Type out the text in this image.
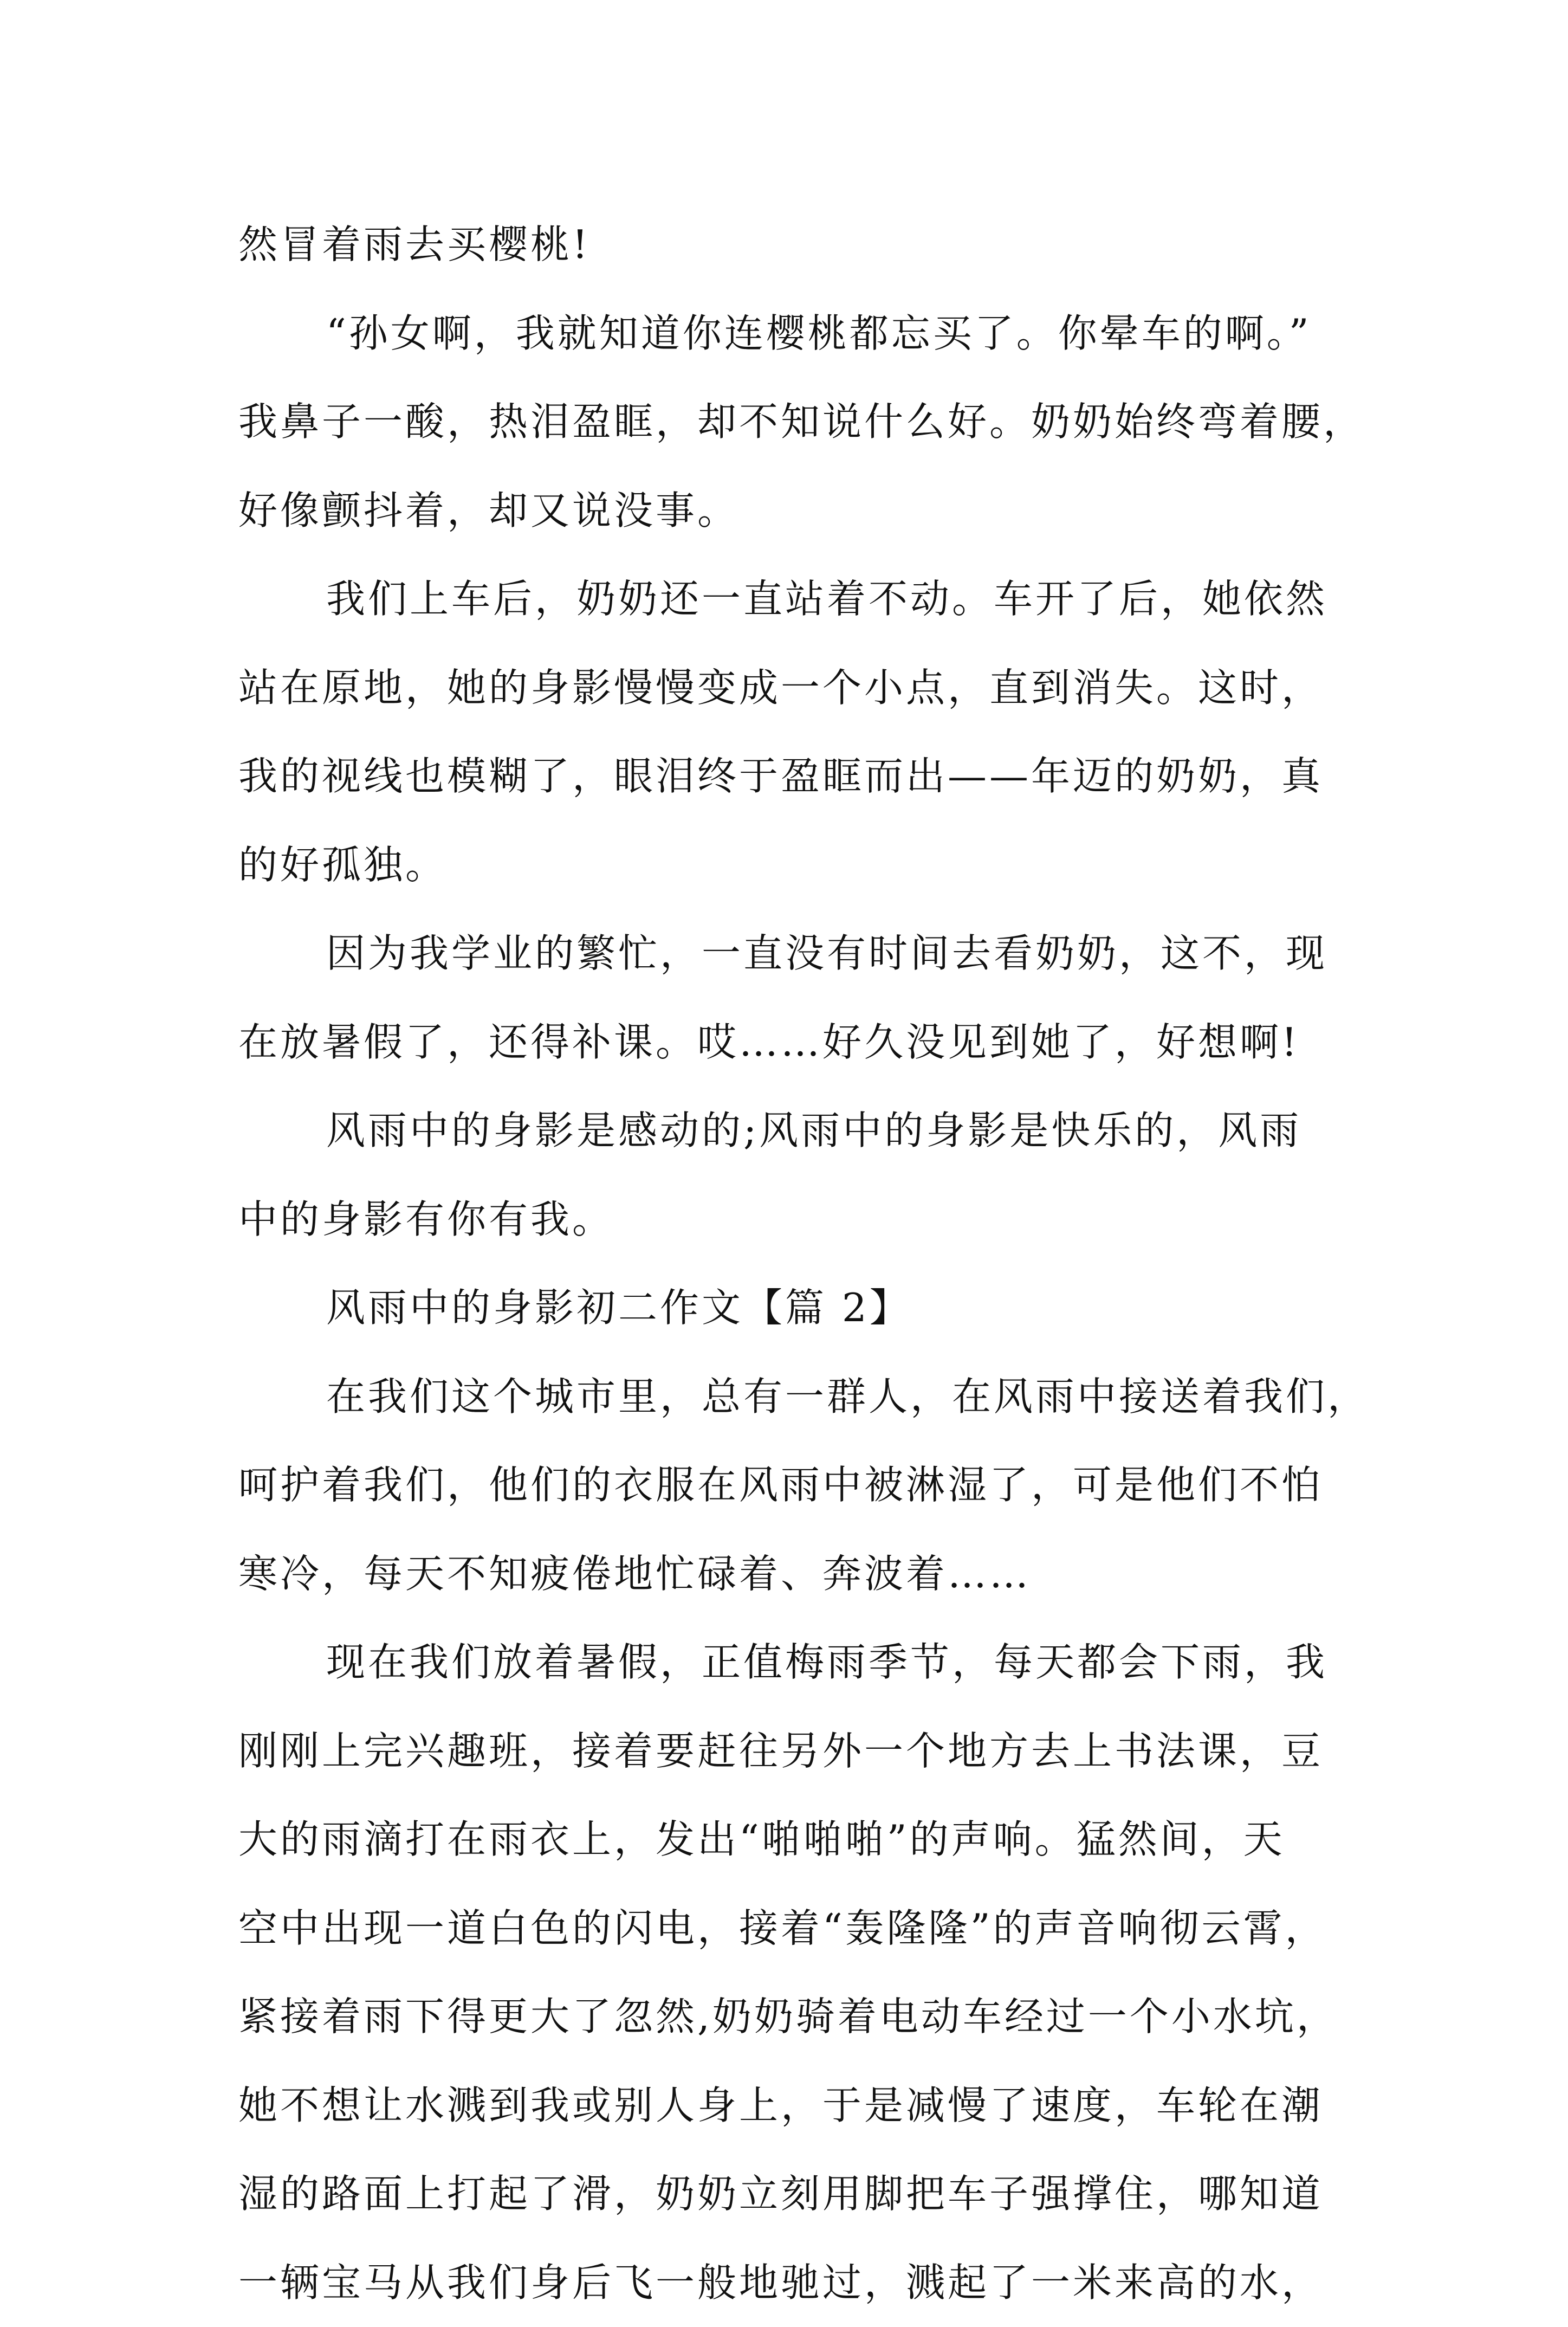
然冒着雨去买樱桃!
“孙女啊，我就知道你连樱桃都忘买了。你晕车的啊。”
我鼻子一酸，热泪盈眶，却不知说什么好。奶奶始终弯着腰，
好像颤抖着，却又说没事。
我们上车后，奶奶还一直站着不动。车开了后，她依然
站在原地，她的身影慢慢变成一个小点，直到消失。这时，
我的视线也模糊了，眼泪终于盈眶而出——年迈的奶奶，真
的好孤独。
因为我学业的繁忙，一直没有时间去看奶奶，这不，现
在放暑假了，还得补课。哎……好久没见到她了，好想啊!
风雨中的身影是感动的;风雨中的身影是快乐的，风雨
中的身影有你有我。
风雨中的身影初二作文【篇 2】
在我们这个城市里，总有一群人，在风雨中接送着我们，
呵护着我们，他们的衣服在风雨中被淋湿了，可是他们不怕
寒冷，每天不知疲倦地忙碌着、奔波着……
现在我们放着暑假，正值梅雨季节，每天都会下雨，我
刚刚上完兴趣班，接着要赶往另外一个地方去上书法课，豆
大的雨滴打在雨衣上，发出“啪啪啪”的声响。猛然间，天
空中出现一道白色的闪电，接着“轰隆隆”的声音响彻云霄，
紧接着雨下得更大了忽然,奶奶骑着电动车经过一个小水坑，
她不想让水溅到我或别人身上，于是减慢了速度，车轮在潮
湿的路面上打起了滑，奶奶立刻用脚把车子强撑住，哪知道
一辆宝马从我们身后飞一般地驰过，溅起了一米来高的水，
